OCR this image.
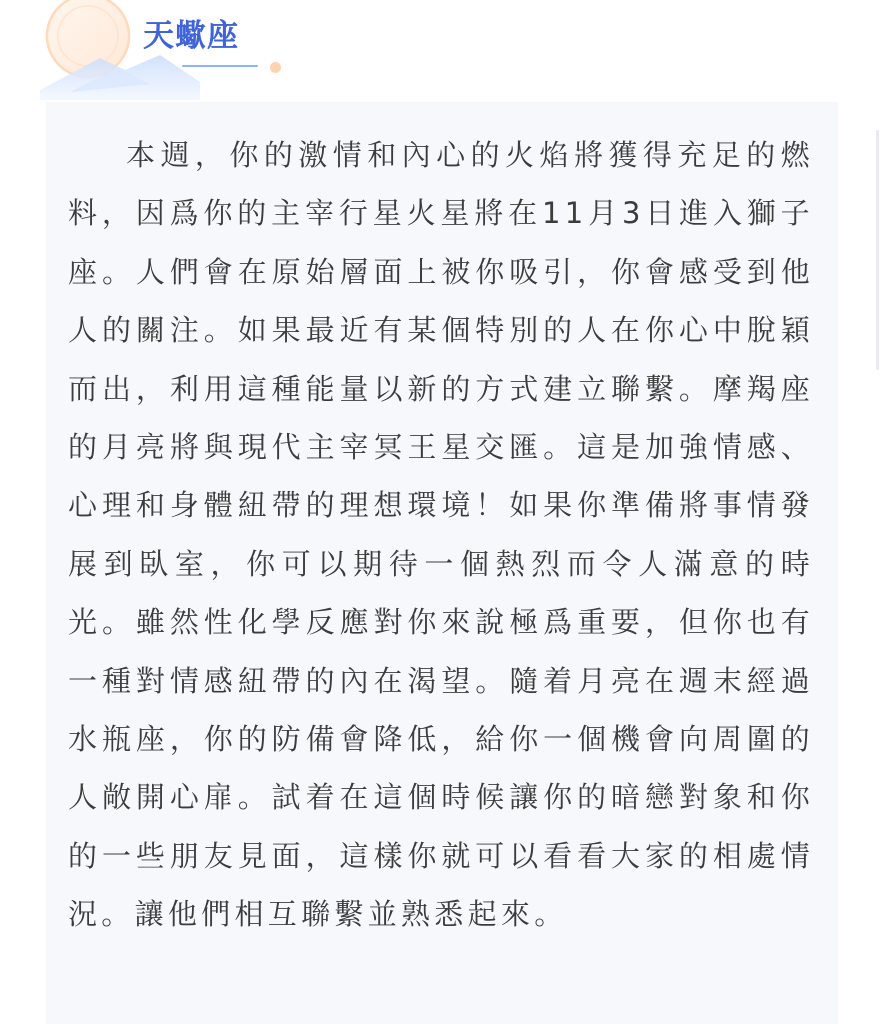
天蠍座

本週，你的激情和內心的火焰將獲得充足的燃料，因爲你的主宰行星火星將在11月3日進入獅子座。人們會在原始層面上被你吸引，你會感受到他人的關注。如果最近有某個特別的人在你心中脫穎而出，利用這種能量以新的方式建立聯繫。摩羯座的月亮將與現代主宰冥王星交匯。這是加強情感、心理和身體紐帶的理想環境！如果你準備將事情發展到臥室，你可以期待一個熱烈而令人滿意的時光。雖然性化學反應對你來說極爲重要，但你也有一種對情感紐帶的內在渴望。隨着月亮在週末經過水瓶座，你的防備會降低，給你一個機會向周圍的人敞開心扉。試着在這個時候讓你的暗戀對象和你的一些朋友見面，這樣你就可以看看大家的相處情況。讓他們相互聯繫並熟悉起來。
